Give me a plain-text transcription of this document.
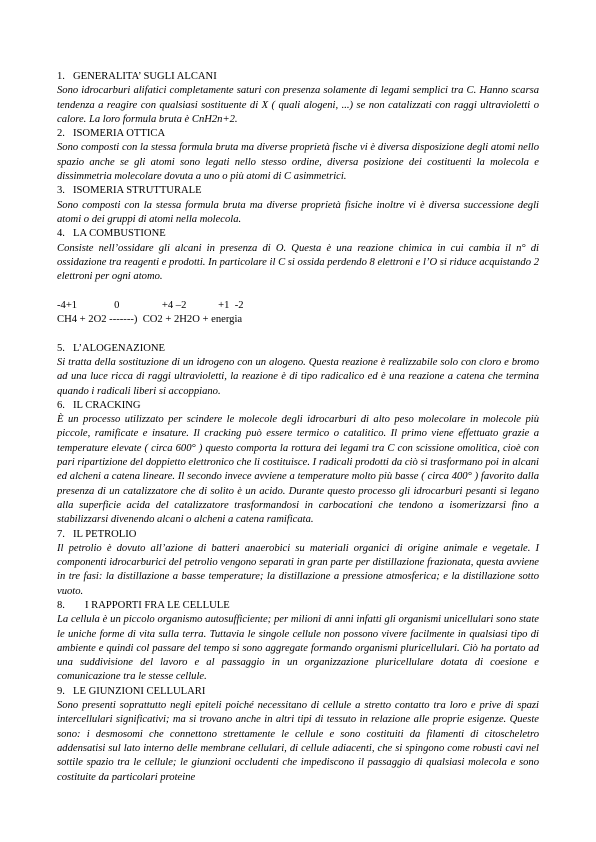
1. GENERALITA’ SUGLI ALCANI
Sono idrocarburi alifatici completamente saturi con presenza solamente di legami semplici tra C. Hanno scarsa tendenza a reagire con qualsiasi sostituente di X ( quali alogeni, ...) se non catalizzati con raggi ultravioletti o calore. La loro formula bruta è CnH2n+2.
2. ISOMERIA OTTICA
Sono composti con la stessa formula bruta ma diverse proprietà fische vi è diversa disposizione degli atomi nello spazio anche se gli atomi sono legati nello stesso ordine, diversa posizione dei costituenti la molecola e dissimmetria molecolare dovuta a uno o più atomi di C asimmetrici.
3. ISOMERIA STRUTTURALE
Sono composti con la stessa formula bruta ma diverse proprietà fisiche inoltre vi è diversa successione degli atomi o dei gruppi di atomi nella molecola.
4. LA COMBUSTIONE
Consiste nell’ossidare gli alcani in presenza di O. Questa è una reazione chimica in cui cambia il n° di ossidazione tra reagenti e prodotti. In particolare il C si ossida perdendo 8 elettroni e l’O si riduce acquistando 2 elettroni per ogni atomo.
-4+1              0                +4 –2            +1  -2
CH4 + 2O2 -------)  CO2 + 2H2O + energia
5. L’ALOGENAZIONE
Si tratta della sostituzione di un idrogeno con un alogeno. Questa reazione è realizzabile solo con cloro e bromo ad una luce ricca di raggi ultravioletti, la reazione è di tipo radicalico ed è una reazione a catena che termina quando i radicali liberi si accoppiano.
6. IL CRACKING
È un processo utilizzato per scindere le molecole degli idrocarburi di alto peso molecolare in molecole più piccole, ramificate e insature. Il cracking può essere termico o catalitico. Il primo viene effettuato grazie a temperature elevate ( circa 600° ) questo comporta la rottura dei legami tra C con scissione omolitica, cioè con pari ripartizione del doppietto elettronico che li costituisce. I radicali prodotti da ciò si trasformano poi in alcani ed alcheni a catena lineare. Il secondo invece avviene a temperature molto più basse ( circa 400° ) favorito dalla presenza di un catalizzatore che di solito è un acido. Durante questo processo gli idrocarburi pesanti si legano alla superficie acida del catalizzatore trasformandosi in carbocationi che tendono a isomerizzarsi fino a stabilizzarsi divenendo alcani o alcheni a catena ramificata.
7. IL PETROLIO
Il petrolio è dovuto all’azione di batteri anaerobici su materiali organici di origine animale e vegetale. I componenti idrocarburici del petrolio vengono separati in gran parte per distillazione frazionata, questa avviene in tre fasi: la distillazione a basse temperature; la distillazione a pressione atmosferica; e la distillazione sotto vuoto.
8.	I RAPPORTI FRA LE CELLULE
La cellula è un piccolo organismo autosufficiente; per milioni di anni infatti gli organismi unicellulari sono state le uniche forme di vita sulla terra. Tuttavia le singole cellule non possono vivere facilmente in qualsiasi tipo di ambiente e quindi col passare del tempo si sono aggregate formando organismi pluricellulari. Ciò ha portato ad una suddivisione del lavoro e al passaggio in un organizzazione pluricellulare dotata di coesione e comunicazione tra le stesse cellule.
9. LE GIUNZIONI CELLULARI
Sono presenti soprattutto negli epiteli poiché necessitano di cellule a stretto contatto tra loro e prive di spazi intercellulari significativi; ma si trovano anche in altri tipi di tessuto in relazione alle proprie esigenze. Queste sono: i desmosomi che connettono strettamente le cellule e sono costituiti da filamenti di citoscheletro addensatisi sul lato interno delle membrane cellulari, di cellule adiacenti, che si spingono come robusti cavi nel sottile spazio tra le cellule; le giunzioni occludenti che impediscono il passaggio di qualsiasi molecola e sono costituite da particolari proteine
